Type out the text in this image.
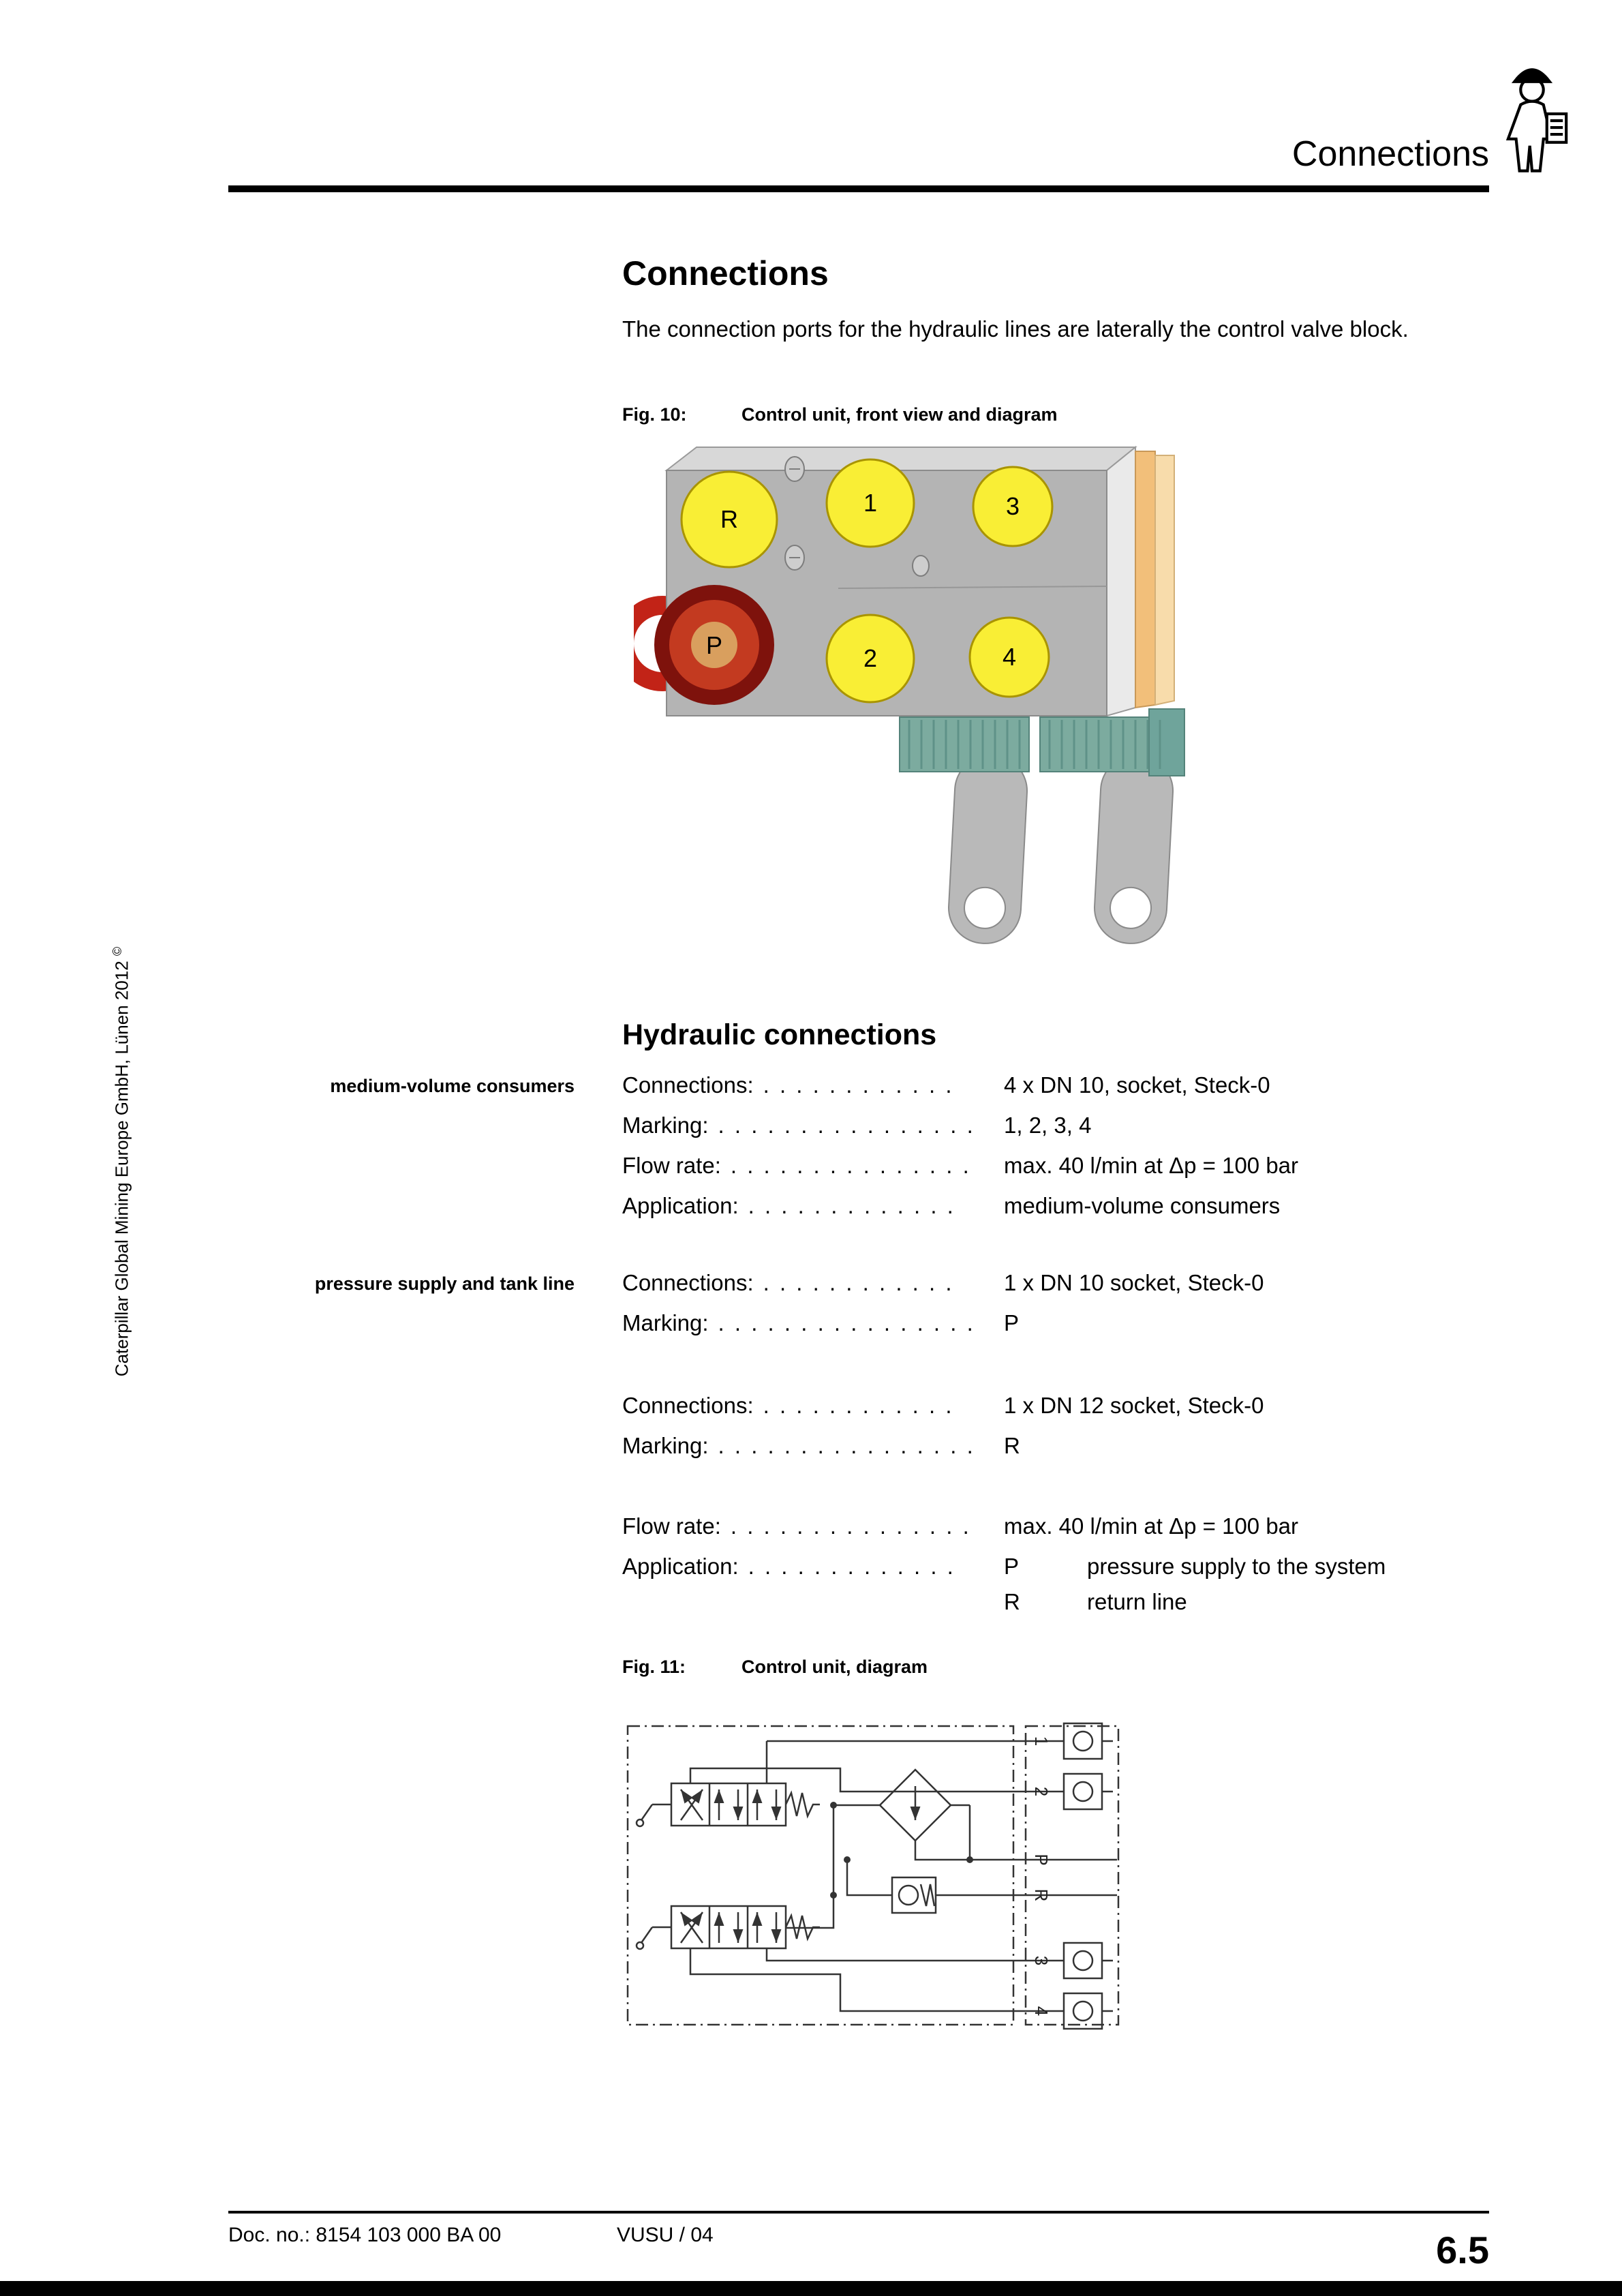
Connections
Caterpillar Global Mining Europe GmbH, Lünen 2012 ©
Connections

The connection ports for the hydraulic lines are laterally the control valve block.

Fig. 10:	Control unit, front view and diagram
R
1	3
P	2	4
Hydraulic connections
medium-volume consumers
pressure supply and tank line
Connections: . . . . . . . . . . . .	4 x DN 10, socket, Steck-0
Marking: . . . . . . . . . . . . . . . .	1, 2, 3, 4
Flow rate: . . . . . . . . . . . . . . .	max. 40 l/min at Δp = 100 bar
Application: . . . . . . . . . . . . .	medium-volume consumers
Connections: . . . . . . . . . . . .	1 x DN 10 socket, Steck-0
Marking: . . . . . . . . . . . . . . . .	P
Connections: . . . . . . . . . . . .	1 x DN 12 socket, Steck-0
Marking: . . . . . . . . . . . . . . . .	R
Flow rate: . . . . . . . . . . . . . . .	max. 40 l/min at Δp = 100 bar
Application: . . . . . . . . . . . . .	P	pressure supply to the system
R	return line
Fig. 11:	Control unit, diagram
1
2
P
R
3
4
Doc. no.: 8154 103 000 BA 00	VUSU / 04	6.5
